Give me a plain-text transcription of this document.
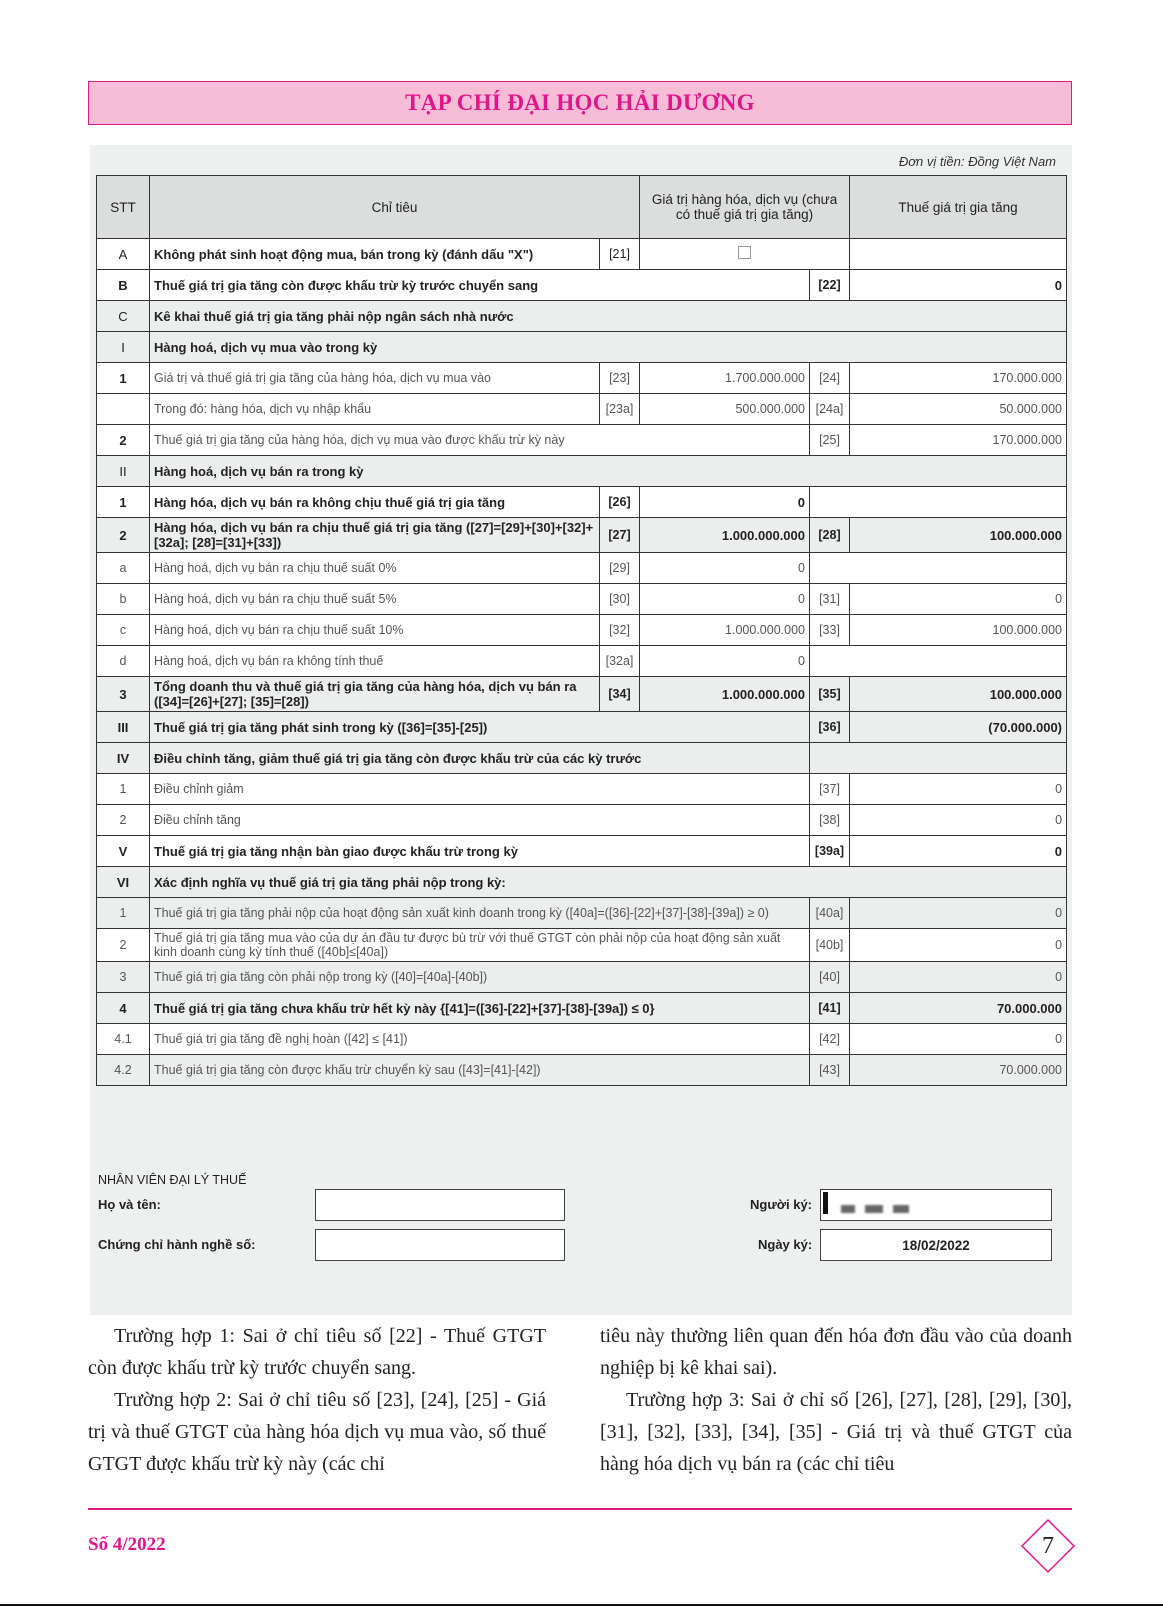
TẠP CHÍ ĐẠI HỌC HẢI DƯƠNG
Đơn vị tiền: Đồng Việt Nam
STT	Chỉ tiêu		Giá trị hàng hóa, dịch vụ (chưa có thuế giá trị gia tăng)		Thuế giá trị gia tăng
A	Không phát sinh hoạt động mua, bán trong kỳ (đánh dấu "X")	[21]			
B	Thuế giá trị gia tăng còn được khấu trừ kỳ trước chuyển sang			[22]	0
C	Kê khai thuế giá trị gia tăng phải nộp ngân sách nhà nước				
I	Hàng hoá, dịch vụ mua vào trong kỳ				
1	Giá trị và thuế giá trị gia tăng của hàng hóa, dịch vụ mua vào	[23]	1.700.000.000	[24]	170.000.000
	Trong đó: hàng hóa, dịch vụ nhập khẩu	[23a]	500.000.000	[24a]	50.000.000
2	Thuế giá trị gia tăng của hàng hóa, dịch vụ mua vào được khấu trừ kỳ này			[25]	170.000.000
II	Hàng hoá, dịch vụ bán ra trong kỳ				
1	Hàng hóa, dịch vụ bán ra không chịu thuế giá trị gia tăng	[26]	0		
2	Hàng hóa, dịch vụ bán ra chịu thuế giá trị gia tăng ([27]=[29]+[30]+[32]+[32a]; [28]=[31]+[33])	[27]	1.000.000.000	[28]	100.000.000
a	Hàng hoá, dịch vụ bán ra chịu thuế suất 0%	[29]	0		
b	Hàng hoá, dịch vụ bán ra chịu thuế suất 5%	[30]	0	[31]	0
c	Hàng hoá, dịch vụ bán ra chịu thuế suất 10%	[32]	1.000.000.000	[33]	100.000.000
d	Hàng hoá, dịch vụ bán ra không tính thuế	[32a]	0		
3	Tổng doanh thu và thuế giá trị gia tăng của hàng hóa, dịch vụ bán ra ([34]=[26]+[27]; [35]=[28])	[34]	1.000.000.000	[35]	100.000.000
III	Thuế giá trị gia tăng phát sinh trong kỳ ([36]=[35]-[25])			[36]	(70.000.000)
IV	Điều chỉnh tăng, giảm thuế giá trị gia tăng còn được khấu trừ của các kỳ trước				
1	Điều chỉnh giảm			[37]	0
2	Điều chỉnh tăng			[38]	0
V	Thuế giá trị gia tăng nhận bàn giao được khấu trừ trong kỳ			[39a]	0
VI	Xác định nghĩa vụ thuế giá trị gia tăng phải nộp trong kỳ:				
1	Thuế giá trị gia tăng phải nộp của hoạt động sản xuất kinh doanh trong kỳ ([40a]=([36]-[22]+[37]-[38]-[39a]) ≥ 0)			[40a]	0
2	Thuế giá trị gia tăng mua vào của dự án đầu tư được bù trừ với thuế GTGT còn phải nộp của hoạt động sản xuất kinh doanh cùng kỳ tính thuế ([40b]≤[40a])			[40b]	0
3	Thuế giá trị gia tăng còn phải nộp trong kỳ ([40]=[40a]-[40b])			[40]	0
4	Thuế giá trị gia tăng chưa khấu trừ hết kỳ này {[41]=([36]-[22]+[37]-[38]-[39a]) ≤ 0}			[41]	70.000.000
4.1	Thuế giá trị gia tăng đề nghị hoàn ([42] ≤ [41])			[42]	0
4.2	Thuế giá trị gia tăng còn được khấu trừ chuyển kỳ sau ([43]=[41]-[42])			[43]	70.000.000
NHÂN VIÊN ĐẠI LÝ THUẾ
Họ và tên:
Chứng chỉ hành nghề số:
Người ký:
Ngày ký:	18/02/2022

Trường hợp 1: Sai ở chỉ tiêu số [22] - Thuế GTGT còn được khấu trừ kỳ trước chuyển sang.

Trường hợp 2: Sai ở chỉ tiêu số [23], [24], [25] - Giá trị và thuế GTGT của hàng hóa dịch vụ mua vào, số thuế GTGT được khấu trừ kỳ này (các chỉ

tiêu này thường liên quan đến hóa đơn đầu vào của doanh nghiệp bị kê khai sai).

Trường hợp 3: Sai ở chỉ số [26], [27], [28], [29], [30], [31], [32], [33], [34], [35] - Giá trị và thuế GTGT của hàng hóa dịch vụ bán ra (các chỉ tiêu

Số 4/2022	7
